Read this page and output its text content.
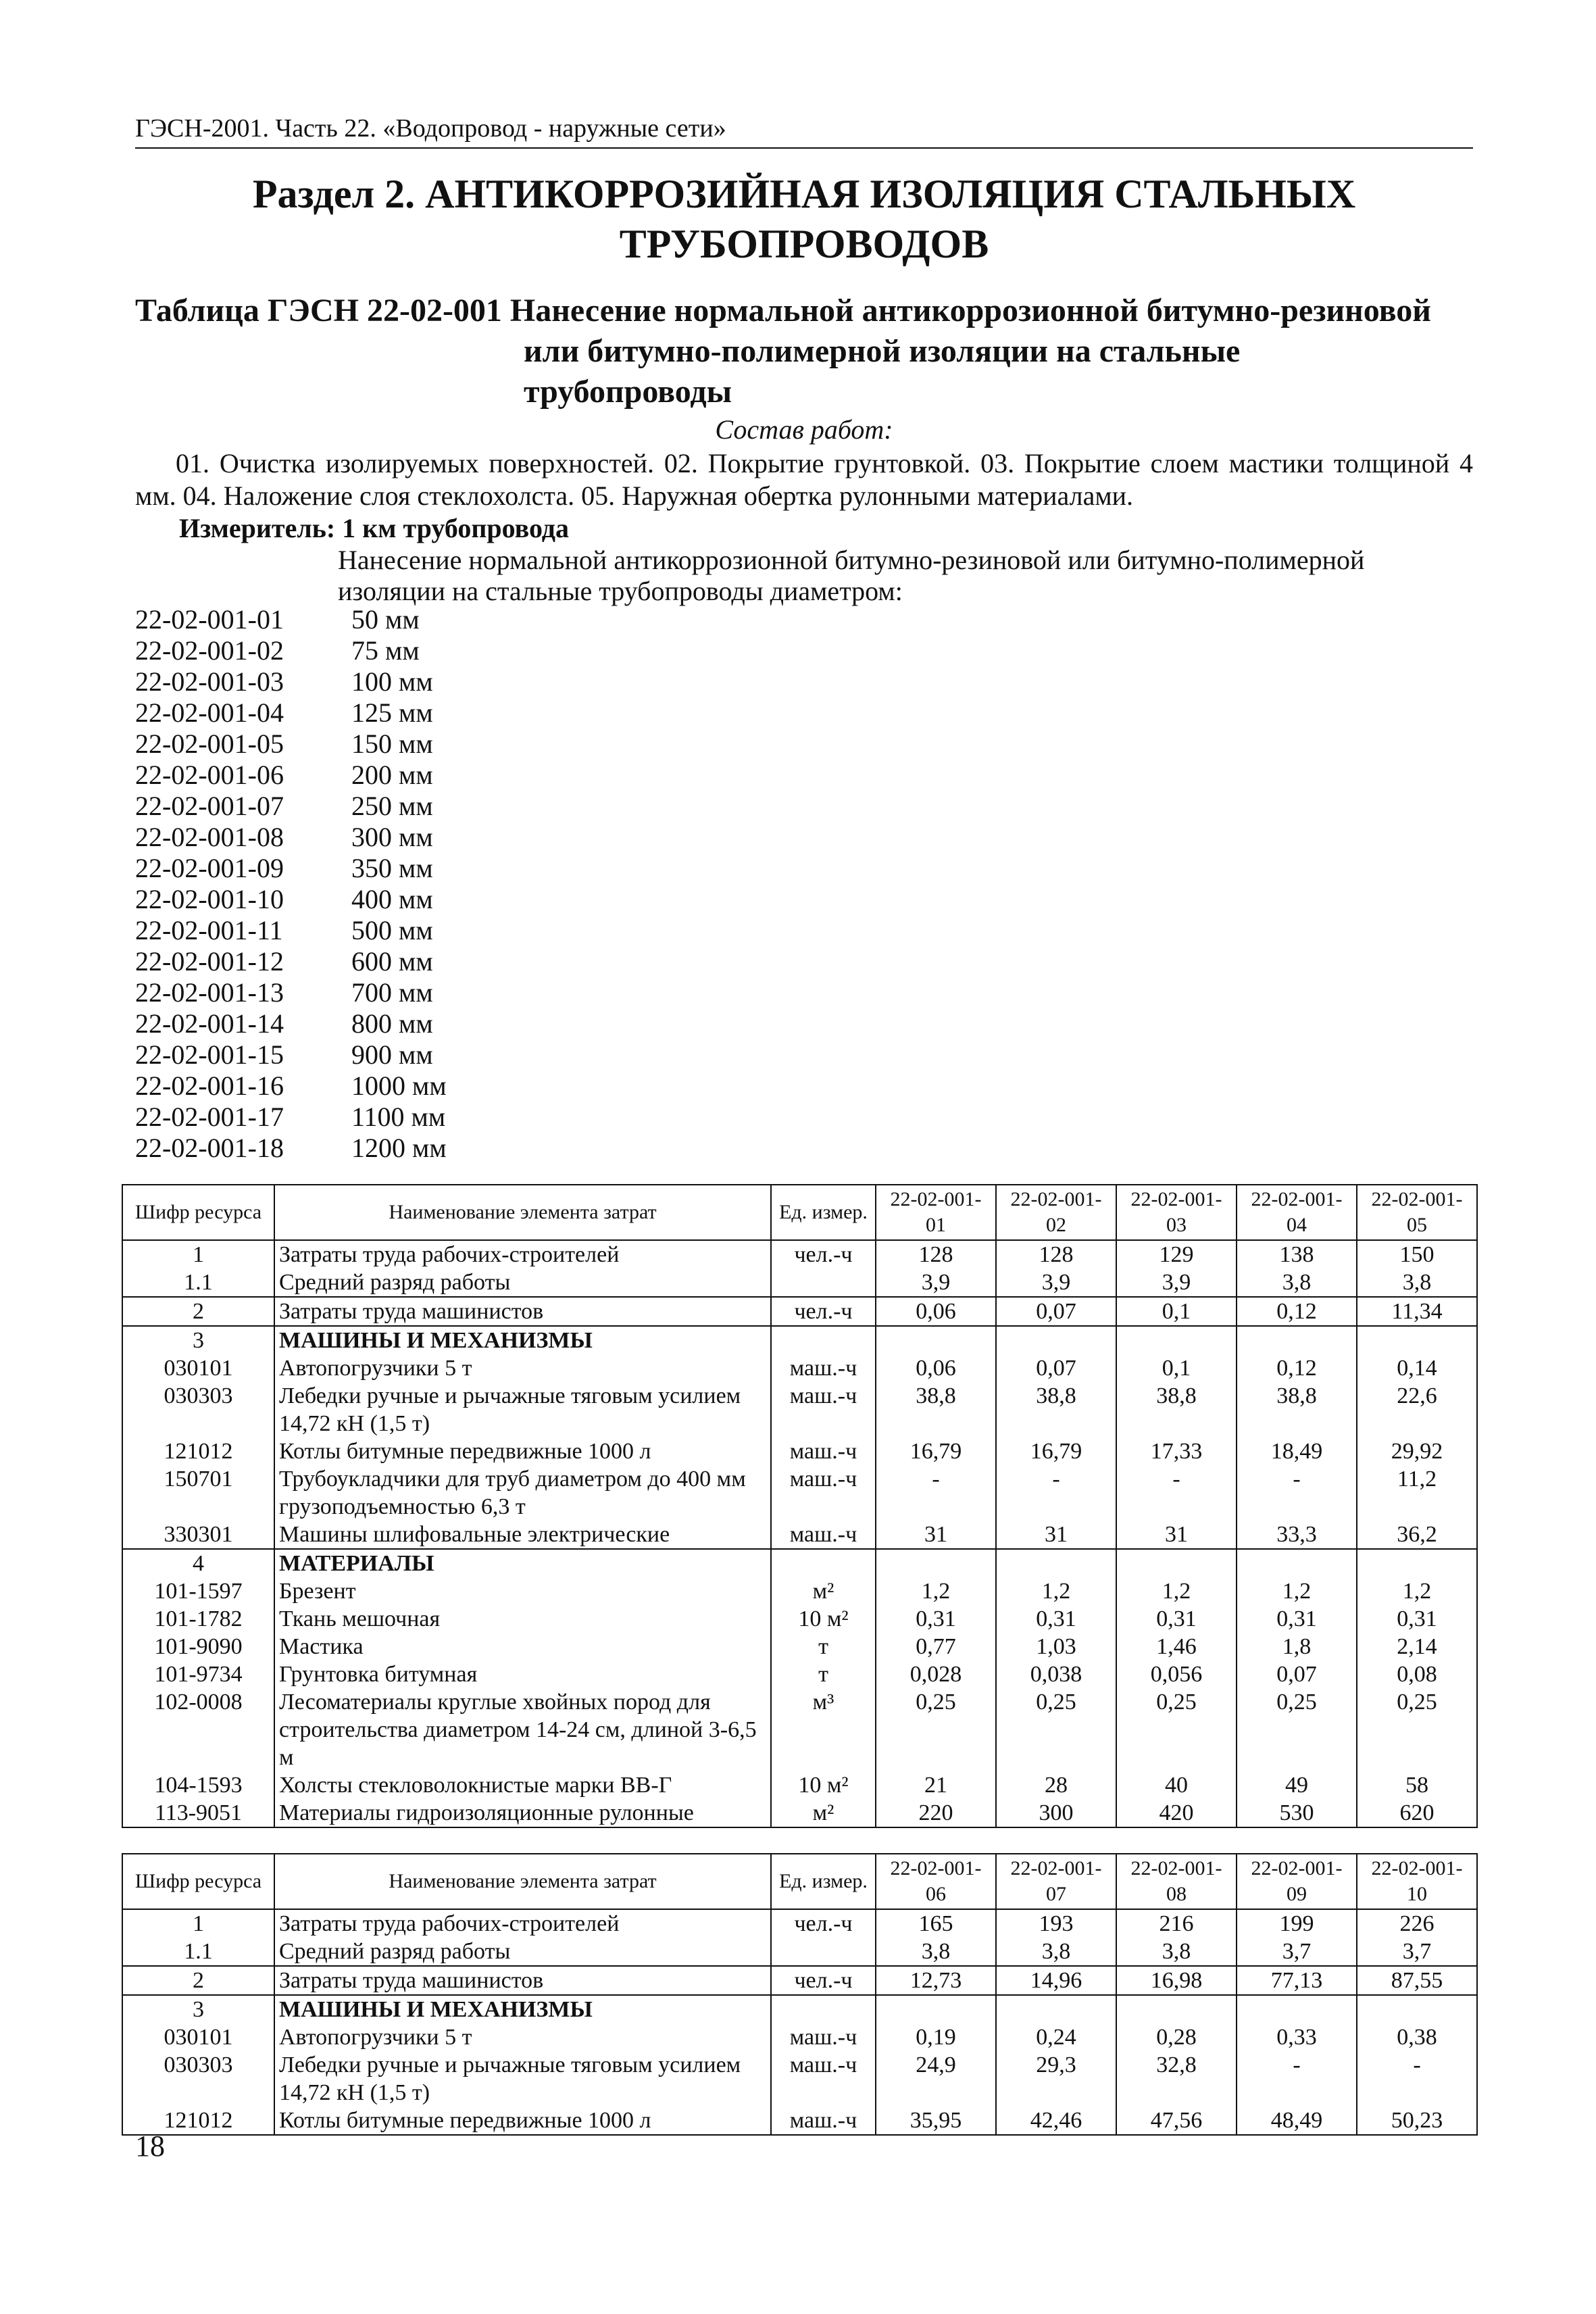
ГЭСН-2001. Часть 22. «Водопровод - наружные сети»
Раздел 2. АНТИКОРРОЗИЙНАЯ ИЗОЛЯЦИЯ СТАЛЬНЫХ
ТРУБОПРОВОДОВ
Таблица ГЭСН 22-02-001 Нанесение нормальной антикоррозионной битумно-резиновой
или битумно-полимерной изоляции на стальные
трубопроводы
Состав работ:
01. Очистка изолируемых поверхностей. 02. Покрытие грунтовкой. 03. Покрытие слоем мастики толщиной 4 мм. 04. Наложение слоя стеклохолста. 05. Наружная обертка рулонными материалами.
Измеритель: 1 км трубопровода
Нанесение нормальной антикоррозионной битумно-резиновой или битумно-полимерной изоляции на стальные трубопроводы диаметром:
22-02-001-01	50 мм
22-02-001-02	75 мм
22-02-001-03	100 мм
22-02-001-04	125 мм
22-02-001-05	150 мм
22-02-001-06	200 мм
22-02-001-07	250 мм
22-02-001-08	300 мм
22-02-001-09	350 мм
22-02-001-10	400 мм
22-02-001-11	500 мм
22-02-001-12	600 мм
22-02-001-13	700 мм
22-02-001-14	800 мм
22-02-001-15	900 мм
22-02-001-16	1000 мм
22-02-001-17	1100 мм
22-02-001-18	1200 мм
Шифр ресурса	Наименование элемента затрат	Ед. измер.	22-02-001-01	22-02-001-02	22-02-001-03	22-02-001-04	22-02-001-05
1	Затраты труда рабочих-строителей	чел.-ч	128	128	129	138	150
1.1	Средний разряд работы		3,9	3,9	3,9	3,8	3,8
2	Затраты труда машинистов	чел.-ч	0,06	0,07	0,1	0,12	11,34
3	МАШИНЫ И МЕХАНИЗМЫ						
030101	Автопогрузчики 5 т	маш.-ч	0,06	0,07	0,1	0,12	0,14
030303	Лебедки ручные и рычажные тяговым усилием 14,72 кН (1,5 т)	маш.-ч	38,8	38,8	38,8	38,8	22,6
121012	Котлы битумные передвижные 1000 л	маш.-ч	16,79	16,79	17,33	18,49	29,92
150701	Трубоукладчики для труб диаметром до 400 мм грузоподъемностью 6,3 т	маш.-ч	-	-	-	-	11,2
330301	Машины шлифовальные электрические	маш.-ч	31	31	31	33,3	36,2
4	МАТЕРИАЛЫ						
101-1597	Брезент	м²	1,2	1,2	1,2	1,2	1,2
101-1782	Ткань мешочная	10 м²	0,31	0,31	0,31	0,31	0,31
101-9090	Мастика	т	0,77	1,03	1,46	1,8	2,14
101-9734	Грунтовка битумная	т	0,028	0,038	0,056	0,07	0,08
102-0008	Лесоматериалы круглые хвойных пород для строительства диаметром 14-24 см, длиной 3-6,5 м	м³	0,25	0,25	0,25	0,25	0,25
104-1593	Холсты стекловолокнистые марки ВВ-Г	10 м²	21	28	40	49	58
113-9051	Материалы гидроизоляционные рулонные	м²	220	300	420	530	620
Шифр ресурса	Наименование элемента затрат	Ед. измер.	22-02-001-06	22-02-001-07	22-02-001-08	22-02-001-09	22-02-001-10
1	Затраты труда рабочих-строителей	чел.-ч	165	193	216	199	226
1.1	Средний разряд работы		3,8	3,8	3,8	3,7	3,7
2	Затраты труда машинистов	чел.-ч	12,73	14,96	16,98	77,13	87,55
3	МАШИНЫ И МЕХАНИЗМЫ						
030101	Автопогрузчики 5 т	маш.-ч	0,19	0,24	0,28	0,33	0,38
030303	Лебедки ручные и рычажные тяговым усилием 14,72 кН (1,5 т)	маш.-ч	24,9	29,3	32,8	-	-
121012	Котлы битумные передвижные 1000 л	маш.-ч	35,95	42,46	47,56	48,49	50,23
18
